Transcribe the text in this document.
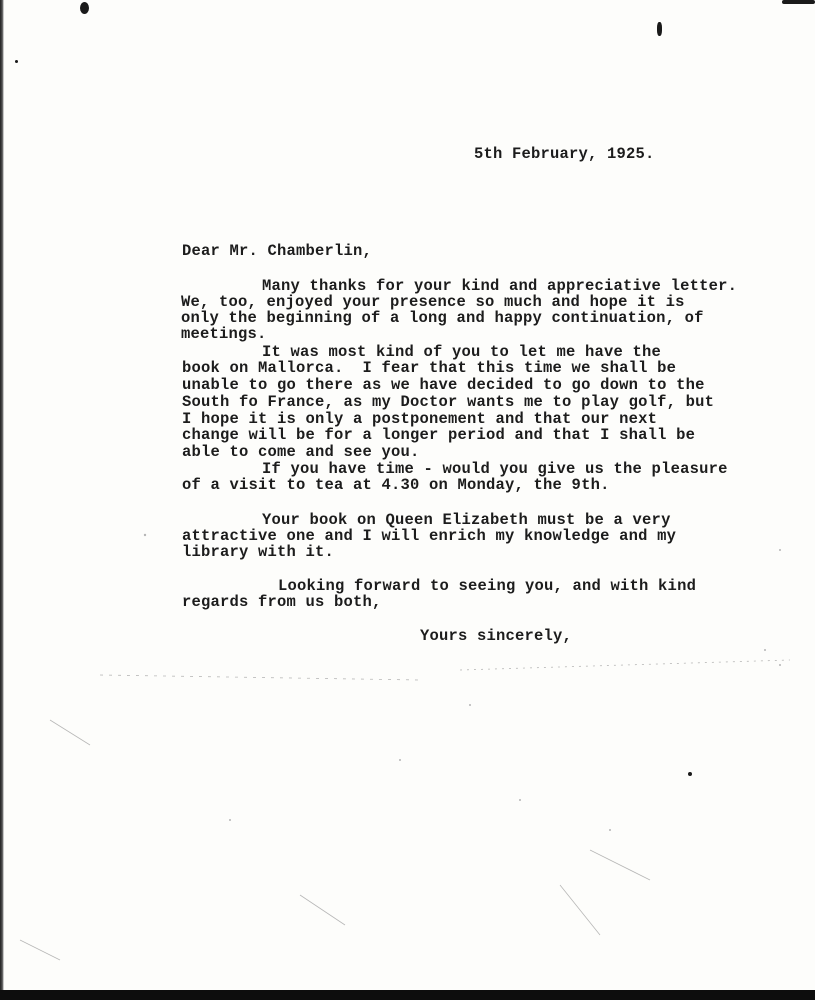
5th February, 1925.
Dear Mr. Chamberlin,
Many thanks for your kind and appreciative letter.
We, too, enjoyed your presence so much and hope it is
only the beginning of a long and happy continuation, of
meetings.
It was most kind of you to let me have the
book on Mallorca.  I fear that this time we shall be
unable to go there as we have decided to go down to the
South fo France, as my Doctor wants me to play golf, but
I hope it is only a postponement and that our next
change will be for a longer period and that I shall be
able to come and see you.
If you have time - would you give us the pleasure
of a visit to tea at 4.30 on Monday, the 9th.
Your book on Queen Elizabeth must be a very
attractive one and I will enrich my knowledge and my
library with it.
Looking forward to seeing you, and with kind
regards from us both,
Yours sincerely,
